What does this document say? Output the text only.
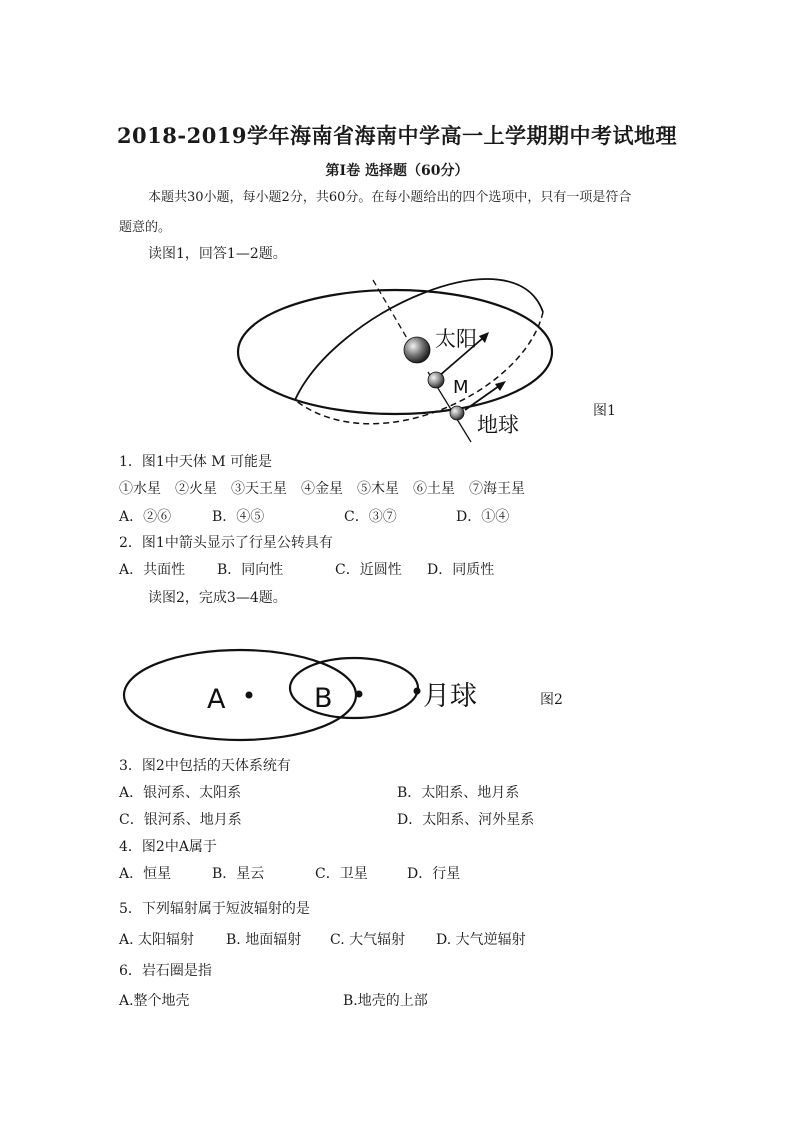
2018-2019学年海南省海南中学高一上学期期中考试地理
第I卷 选择题（60分）
本题共30小题，每小题2分，共60分。在每小题给出的四个选项中，只有一项是符合
题意的。
读图1，回答1—2题。
太阳
M
地球
图1
1．图1中天体 M 可能是
①水星　②火星　③天王星　④金星　⑤木星　⑥土星　⑦海王星
A．②⑥	B．④⑤	C．③⑦	D．①④
2．图1中箭头显示了行星公转具有
A．共面性 B．同向性	C．近圆性 D．同质性
读图2，完成3—4题。
A	B	月球	图2
3．图2中包括的天体系统有
A．银河系、太阳系	B．太阳系、地月系
C．银河系、地月系	D．太阳系、河外星系
4．图2中A属于
A．恒星	B．星云	C．卫星	D．行星
5．下列辐射属于短波辐射的是
A. 太阳辐射 B. 地面辐射 C. 大气辐射 D. 大气逆辐射
6．岩石圈是指
A.整个地壳	B.地壳的上部
